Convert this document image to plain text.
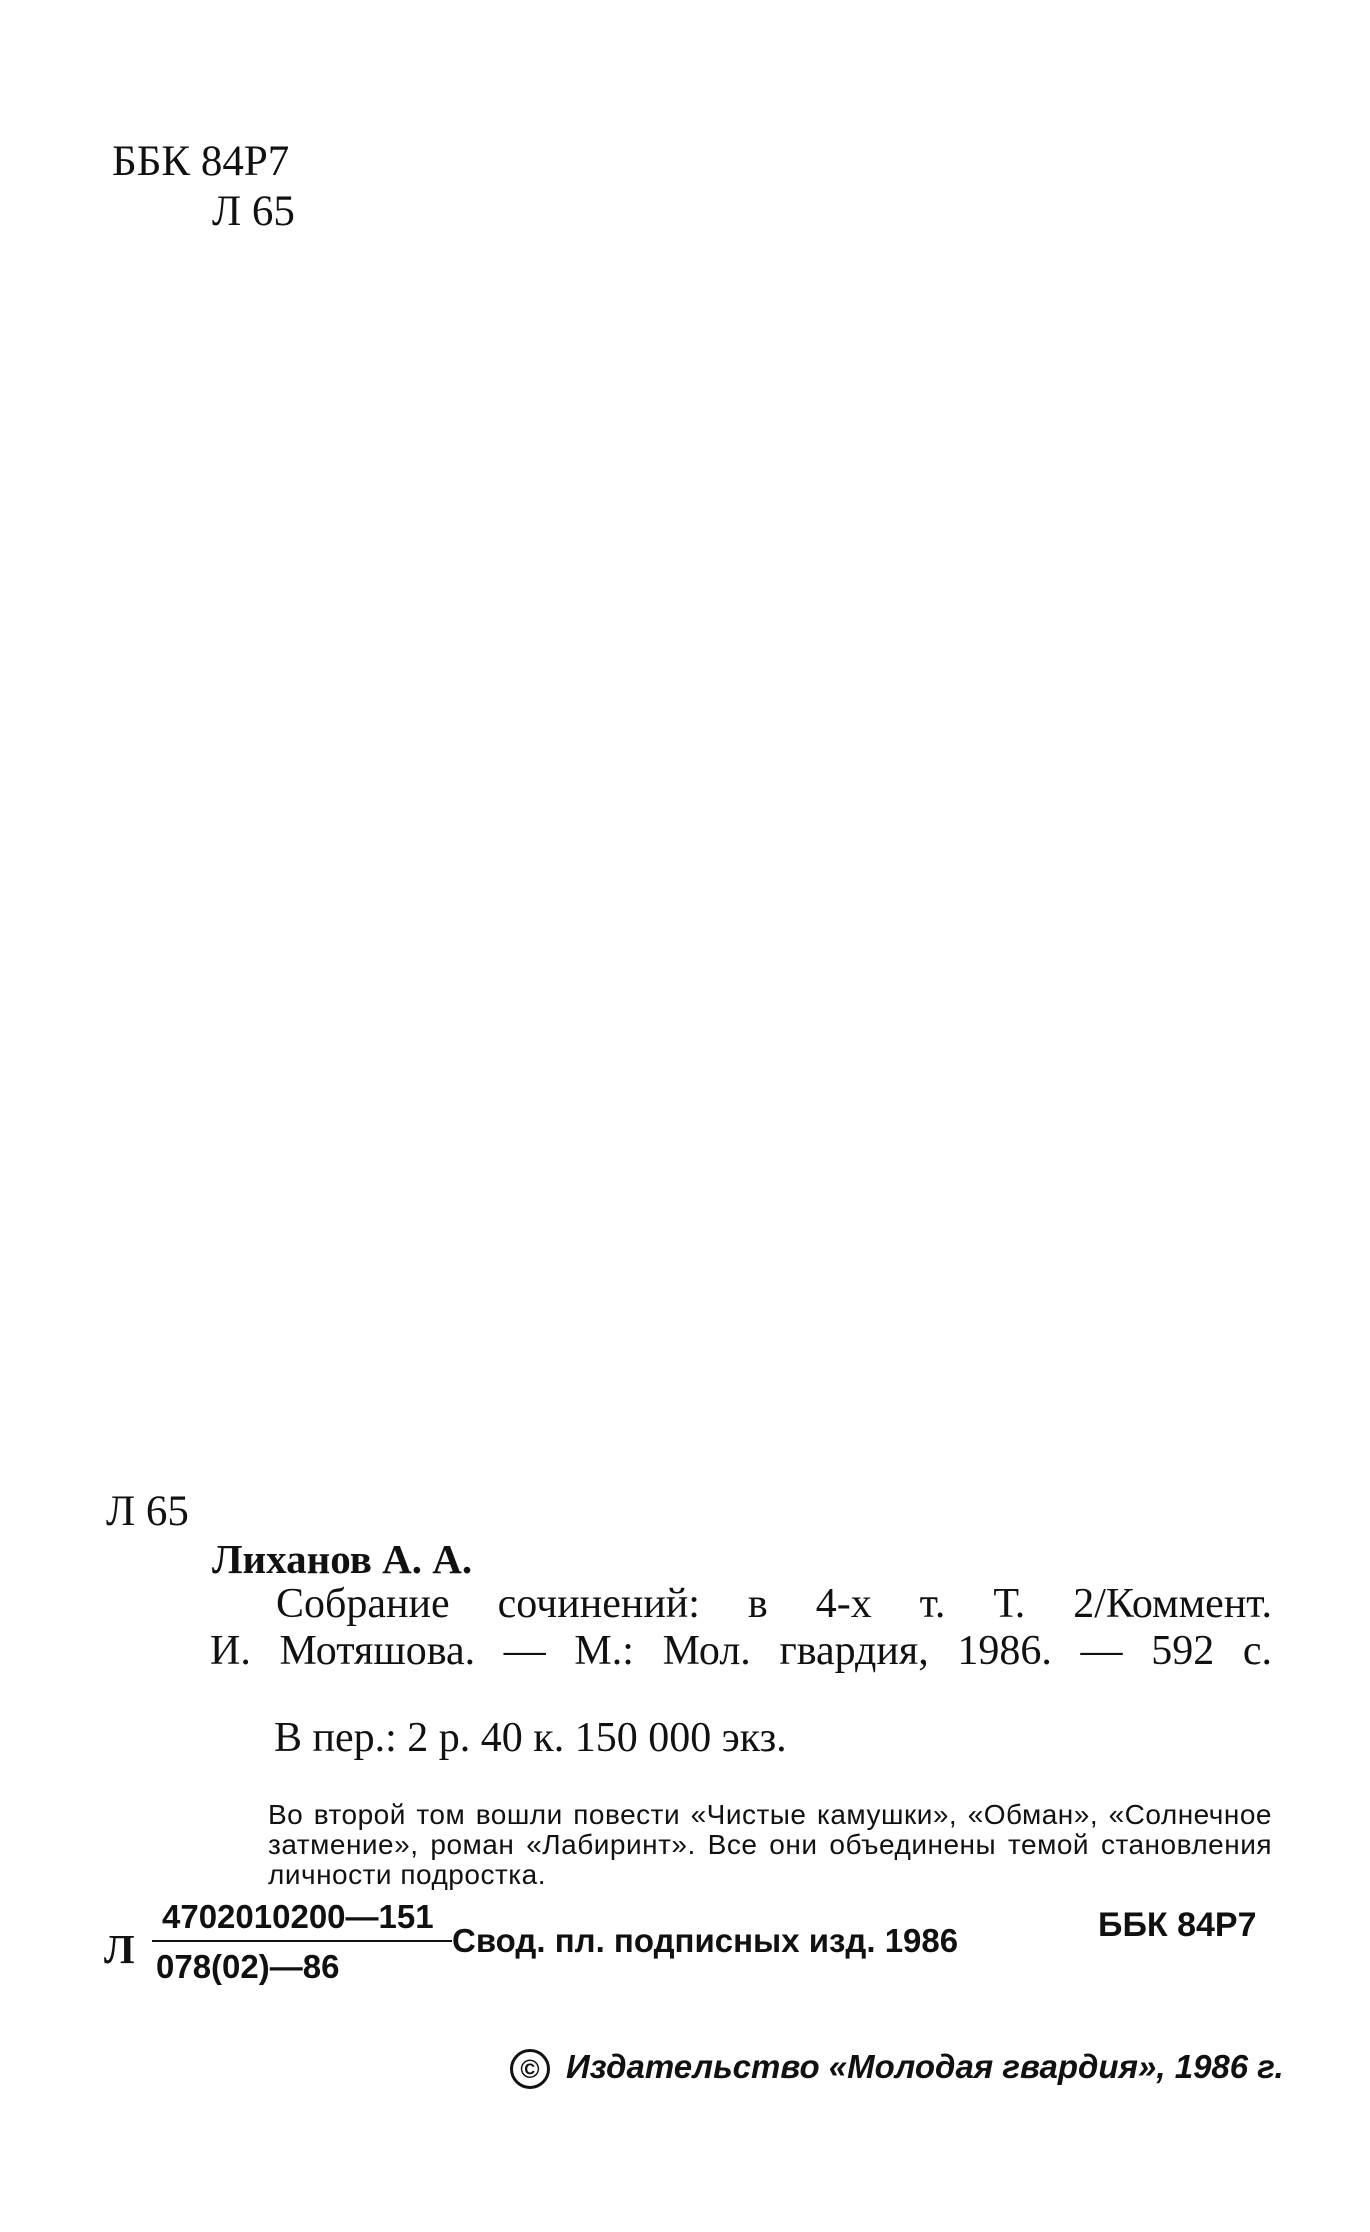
ББК 84Р7
Л 65
Л 65
Лиханов А. А.
Собрание сочинений: в 4-х т. Т. 2/Коммент.
И. Мотяшова. — М.: Мол. гвардия, 1986. — 592 с.
В пер.: 2 р. 40 к. 150 000 экз.
Во второй том вошли повести «Чистые камушки», «Обман», «Солнечное затмение», роман «Лабиринт». Все они объединены темой становления личности подростка.
Л
4702010200—151
078(02)—86
Свод. пл. подписных изд. 1986	ББК 84Р7
© Издательство «Молодая гвардия», 1986 г.
